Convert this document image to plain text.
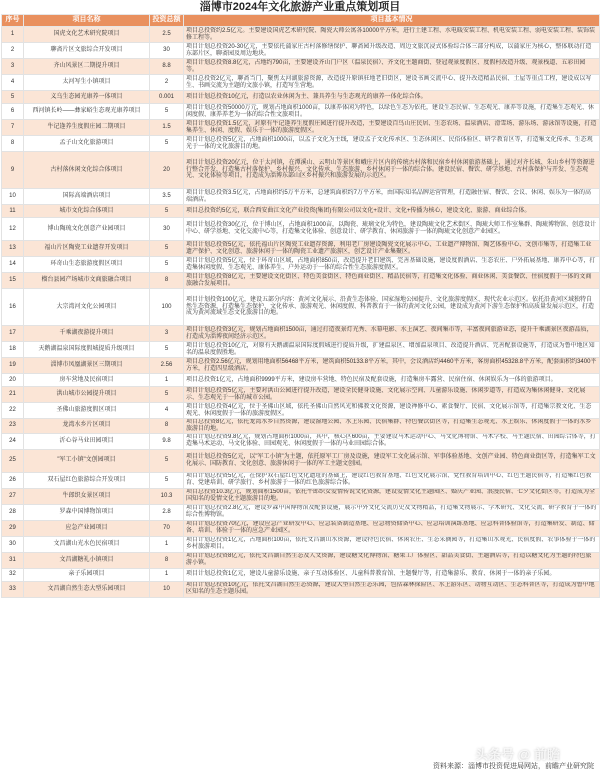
淄博市2024年文化旅游产业重点策划项目
序号	项目名称	投资总额	项目基本情况
1	国虎文化艺术研究院项目	2.5	项目总投资约2.5亿元。主要建设国虎艺术研究院、陶瓷大师公寓各10000平方米，进行土建工程、水电暖安装工程、机电安装工程、弱电安装工程、装饰装修工程等。
2	聊斋片区文旅综合开发项目	30	项目计划总投资20-30亿元，主要依托蒲家庄古村落修缮保护、聊斋园升级改造、周边文旅沉浸式体验综合体三部分构成，以蒲家庄为核心，整体联动打造东部片区，聊斋园及周边地块。
3	齐山风景区二期提升项目	8.8	项目计划总投资8.8亿元，占地约790亩，主要建设齐山门户区（温泉民宿）、齐文化主题商街、登冠观景度假区、度假村改造升级、观景栈道、五彩田园等。
4	太河写生小镇项目	2	项目总投资2亿元，聊斋当门，聚焦太河湖旅游资源，改造提升原镇驻地老旧街区，建设书画交流中心、提升改造精品民宿、土屋等重点工程，建设成以写生、书画交流为主题的文旅小镇，打造写生营地。
5	义乌生态园光康养一体项目	0.001	项目计划总投资10亿元，打造以农业休闲为主、兼具养生与生态观光的康养一体化综合体。
6	西河镇长岭——彝家峪生态观光康养项目	5	项目计划总投资50000万元，规划占地面积1000亩，以康养体闲为特色，以绿色生态为依托，建设生态民宿、生态观光、康养等设施，打造集生态观光、休闲度假、康养养老为一体的综合性文旅项目。
7	牛记逢养生度假庄园二期项目	1.5	项目计划总投资1.5亿元，对原有牛记逢养生度假庄园进行提升改造，主要建设百鸟山庄民居、生态农场、温泉酒店、滑雪场、游乐场、游泳馆等设施，打造集养生、休闲、度假、娱乐于一体的旅游度假区。
8	孟子山文化旅游项目	5	项目计划总投资5亿元，占地面积1000亩，以孟子文化为主线，建设孟子文化传承区、生态休闲区、民俗体验区、研学教育区等，打造集文化传承、生态观光于一体的文化旅游目的地。
9	古村落休闲文化综合体项目	20	项目计划总投资20亿元，位于太河镇，在潭溪山、云明山等景区和峨庄片区内的传统古村落和民宿乡村休闲旅游基础上，通过对齐长城、朱山乡村等资源进行整合开发，打造集古村落保护、乡村振兴、文化传承、生态旅游、乡村休闲于一体的综合体。建设民宿、餐饮、研学基地、古村落保护与开发、生态观光、文化体验等项目，打造成为淄博东部山区乡村振兴和旅游发展的示范区。
10	国际高端酒店项目	3.5	项目计划总投资3.5亿元，占地面积约5万平方米，总建筑面积约7万平方米，由国际知名品牌运营管理，打造融住宿、餐饮、会议、休闲、娱乐为一体的高端酒店。
11	城市文化综合体项目	5	项目总投资约5亿元，联合西安曲江文化产业投资(集团)有限公司以文化+设计、文化+传播为核心，建设文化、旅游、商业综合体。
12	博山陶琉文化创意产业园项目	30	项目计划总投资30亿元，位于博山区，占地面积1000亩，以陶瓷、琉璃文化为特色，建设陶琉文化艺术街区、陶琉大师工作室集群、陶琉博物馆、创意设计中心、研学基地、文化交流中心等，打造集文化体验、创意设计、研学教育、休闲旅游于一体的陶琉文化创意产业园区。
13	福山片区陶瓷工业遗存开发项目	5	项目计划总投资5亿元，依托福山片区陶瓷工业遗存资源，利用老厂房建设陶瓷文化展示中心、工业遗产博物馆、陶艺体验中心、文创市集等，打造集工业遗产保护、文化创意、旅游休闲于一体的陶瓷工业遗产旅游区，创艺设计产业集聚区。
14	环奇山生态旅游度假区项目	5	项目计划总投资5亿元，位于环奇山区域，占地面积850亩，改造提升老旧建筑、完善基础设施，建设度假酒店、生态农庄、户外拓展基地、康养中心等，打造集休闲度假、生态观光、康体养生、户外运动于一体的综合性生态旅游度假区。
15	榴台县园产场城市文商旅融合项目	8	项目计划总投资8亿元，主要建设文化街区、特色美食街区、特色商业街区、精品民宿等，打造集文化体验、商业休闲、美食餐饮、住宿度假于一体的文商旅融合发展项目。
16	大宗湾河文化公园项目	100	项目计划投资100亿元，建设五部分内容：黄河文化展示、沿黄生态体验、国家湿地公园提升、文化旅游度假区、现代农业示范区。依托沿黄河区域独特自然生态资源，打造集生态保护、文化传承、旅游观光、休闲度假、科普教育于一体的黄河文化公园，建设成为黄河下游生态保护和高质量发展示范区，打造成为黄河流域生态文化旅游目的地。
17	千乘湖夜游提升项目	3	项目计划总投资3亿元，规划占地面积1500亩，通过打造夜景灯光秀、水幕电影、水上演艺、夜间集市等，丰富夜间旅游业态，提升千乘湖景区夜游品质，打造成为淄博夜间经济示范区。
18	天鹅湖温泉国际度假城提质升级项目	5	项目计划总投资10亿元，对原有天鹅湖温泉国际度假城进行提质升级，扩建温泉区、增加温泉项目、改造提升酒店、完善配套设施等，打造成为鲁中地区知名的温泉度假胜地。
19	淄博市凤凰湖景区三期项目	2.56	项目总投资2.56亿元，规划用地面积56468平方米，建筑面积50133.8平方米，其中，会议酒店约4460平方米，客房面积45328.8平方米，配套面积约3400平方米，打造四星级酒店。
20	房车营地及民宿项目	1	项目总投资1亿元，占地面积9999平方米，建设房车营地、特色民宿及配套设施，打造集房车露营、民宿住宿、休闲娱乐为一体的旅游项目。
21	洪山城市公园提升项目	5	项目计划总投资5亿元，主要对洪山公园进行提升改造，建设全民健身设施、文化展示空间、儿童游乐设施、休闲步道等，打造成为集休闲健身、文化展示、生态观光于一体的城市公园。
22	圣佛山旅游度假区项目	4	项目计划总投资4亿元，位于圣佛山区域，依托圣佛山自然风光和佛教文化资源，建设禅修中心、素食餐厅、民宿、文化展示馆等，打造集宗教文化、生态观光、休闲度假于一体的旅游度假区。
23	龙湾水乡片区项目	8	项目总投资8亿元，依托龙湾水乡自然资源，建设湿地公园、水上乐园、民宿集群、特色餐饮街区等，打造集生态观光、水上娱乐、休闲度假于一体的水乡旅游目的地。
24	沂心谷马业田园项目	9.8	项目计划总投资9.8亿元，规划占地面积1000亩，其中，核心区600亩，主要建设马术运动中心、马文化博物馆、马术学校、马主题民宿、田园综合体等，打造集马术运动、马文化体验、田园观光、休闲度假于一体的马业田园综合体。
25	"军工小镇"文创园项目	5	项目计划总投资5亿元，以"军工小镇"为主题，依托原军工厂房及设施，建设军工文化展示馆、军事体验基地、文创产业园、特色商业街区等，打造集军工文化展示、国防教育、文化创意、旅游休闲于一体的军工主题文创园。
26	双石屋红色旅游综合开发项目	5	项目计划总投资5亿元，在保护双石屋红色文化遗址的基础上，建设红色教育基地、红色文化展示馆、党性教育培训中心、红色主题民宿等，打造集红色教育、党建培训、研学旅行、乡村旅游于一体的红色旅游综合体。
27	牛郎织女景区项目	10.3	项目总投资10.3亿元，规划面积1500亩，依托牛郎织女爱情传说文化资源，建设爱情文化主题园区、婚庆产业园、浪漫民宿、七夕文化街区等，打造成为全国知名的爱情文化主题旅游目的地。
28	罗森中国博物馆项目	2.8	项目计划总投资2.8亿元，建设罗森中国博物馆及配套设施，展示中外文化交流历史及文物精品，打造集文物展示、学术研究、文化交流、研学教育于一体的综合性博物馆。
29	应急产业园项目	70	项目计划总投资70亿元，建设应急产业研发中心、应急装备制造基地、应急物资储备中心、应急培训演练基地、应急科普体验馆等，打造集研发、制造、储备、培训、体验于一体的应急产业园区。
30	文昌湖山光水色民宿项目	1	项目计划总投资1亿元，占地面积100亩，依托文昌湖山水资源，建设特色民宿、休闲农庄、生态采摘园等，打造集山水观光、民宿度假、农事体验于一体的乡村旅游项目。
31	文昌湖糖礼小镇项目	8	项目计划总投资8亿元，依托文昌湖自然生态及人文资源，建设糖文化博物馆、糖果工厂体验区、甜品美食街、主题酒店等，打造以糖文化为主题的特色旅游小镇。
32	亲子乐园项目	1	项目计划总投资1亿元，建设儿童游乐设施、亲子互动体验区、儿童科普教育馆、主题餐厅等，打造集游乐、教育、休闲于一体的亲子乐园。
33	文昌湖自然生态大型乐园项目	10	项目计划总投资10亿元，依托文昌湖自然生态资源，建设大型自然生态乐园，包括森林探险区、水上游乐区、动物互动区、生态科普区等，打造成为鲁中地区知名的生态主题乐园。
头条号 @ 前瞻
资料来源：淄博市投资促进局网站，前瞻产业研究院
